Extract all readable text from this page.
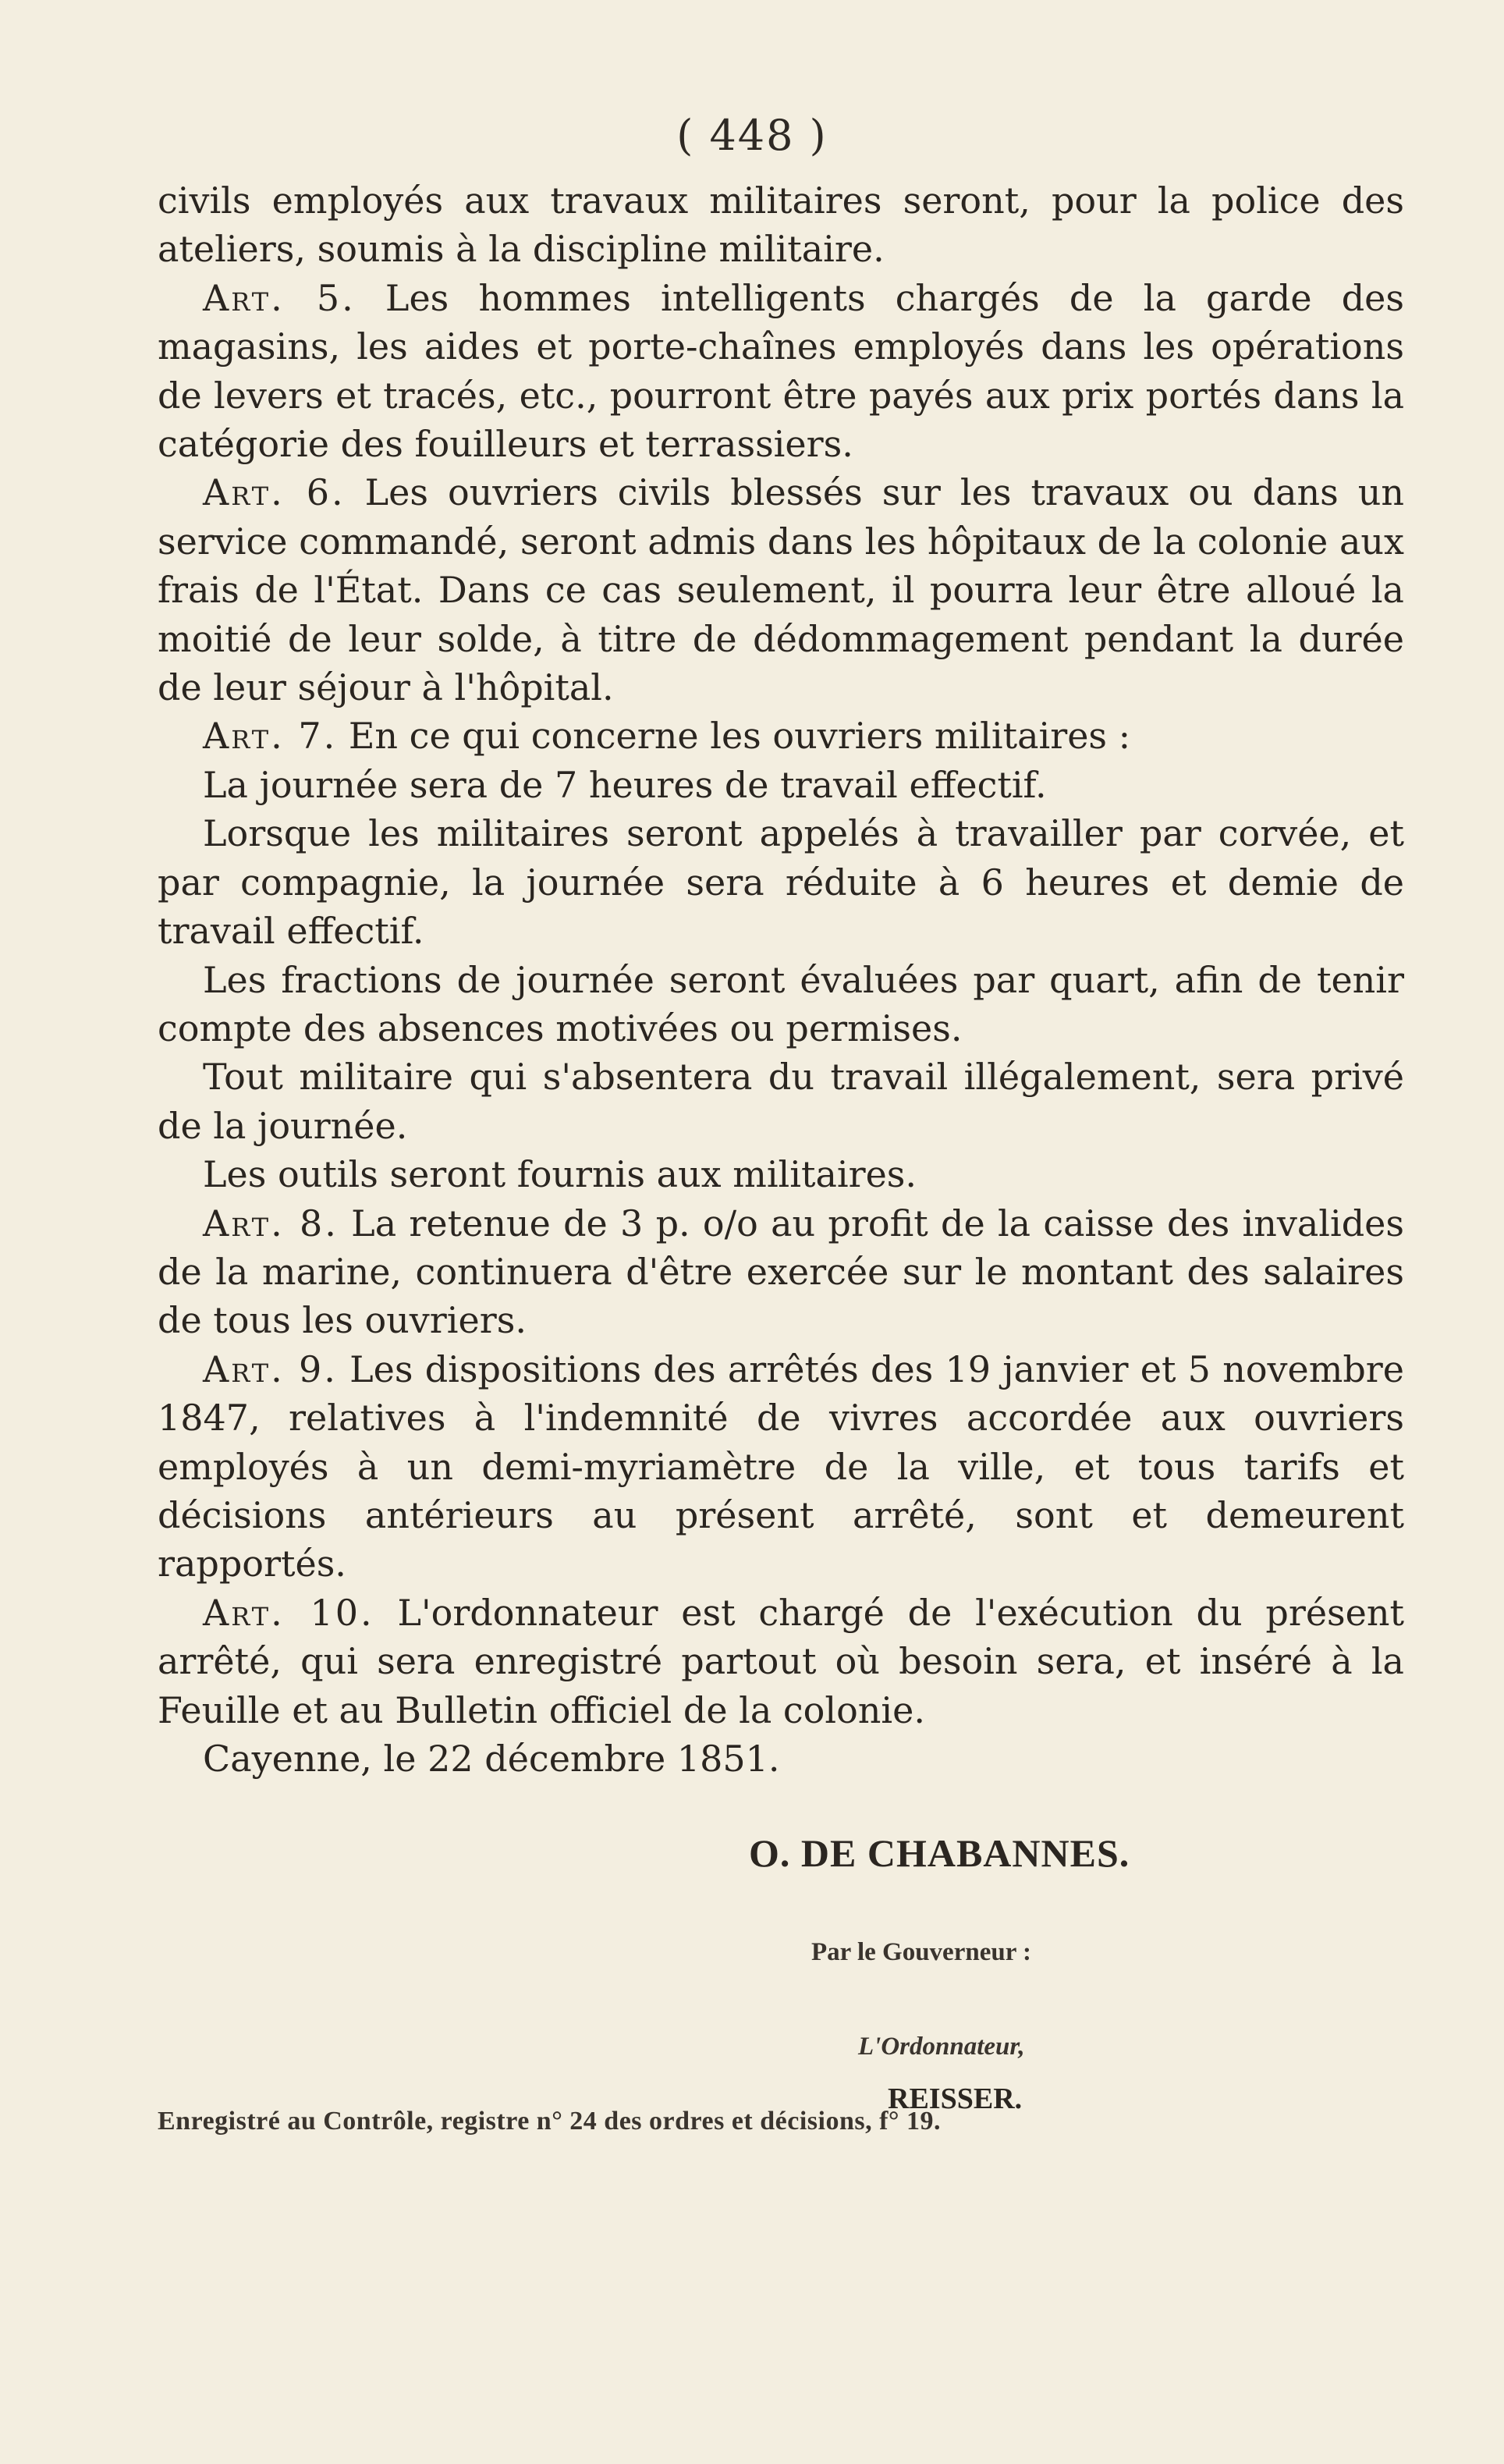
( 448 )

civils employés aux travaux militaires seront, pour la police des ateliers, soumis à la discipline militaire.

Art. 5. Les hommes intelligents chargés de la garde des magasins, les aides et porte-chaînes employés dans les opérations de levers et tracés, etc., pourront être payés aux prix portés dans la catégorie des fouilleurs et terrassiers.

Art. 6. Les ouvriers civils blessés sur les travaux ou dans un service commandé, seront admis dans les hôpitaux de la colonie aux frais de l'État. Dans ce cas seulement, il pourra leur être alloué la moitié de leur solde, à titre de dédommagement pendant la durée de leur séjour à l'hôpital.

Art. 7. En ce qui concerne les ouvriers militaires :

La journée sera de 7 heures de travail effectif.

Lorsque les militaires seront appelés à travailler par corvée, et par compagnie, la journée sera réduite à 6 heures et demie de travail effectif.

Les fractions de journée seront évaluées par quart, afin de tenir compte des absences motivées ou permises.

Tout militaire qui s'absentera du travail illégalement, sera privé de la journée.

Les outils seront fournis aux militaires.

Art. 8. La retenue de 3 p. o/o au profit de la caisse des invalides de la marine, continuera d'être exercée sur le montant des salaires de tous les ouvriers.

Art. 9. Les dispositions des arrêtés des 19 janvier et 5 novembre 1847, relatives à l'indemnité de vivres accordée aux ouvriers employés à un demi-myriamètre de la ville, et tous tarifs et décisions antérieurs au présent arrêté, sont et demeurent rapportés.

Art. 10. L'ordonnateur est chargé de l'exécution du présent arrêté, qui sera enregistré partout où besoin sera, et inséré à la Feuille et au Bulletin officiel de la colonie.

Cayenne, le 22 décembre 1851.

O. DE CHABANNES.

Par le Gouverneur :

L'Ordonnateur,

REISSER.

Enregistré au Contrôle, registre n° 24 des ordres et décisions, f° 19.
